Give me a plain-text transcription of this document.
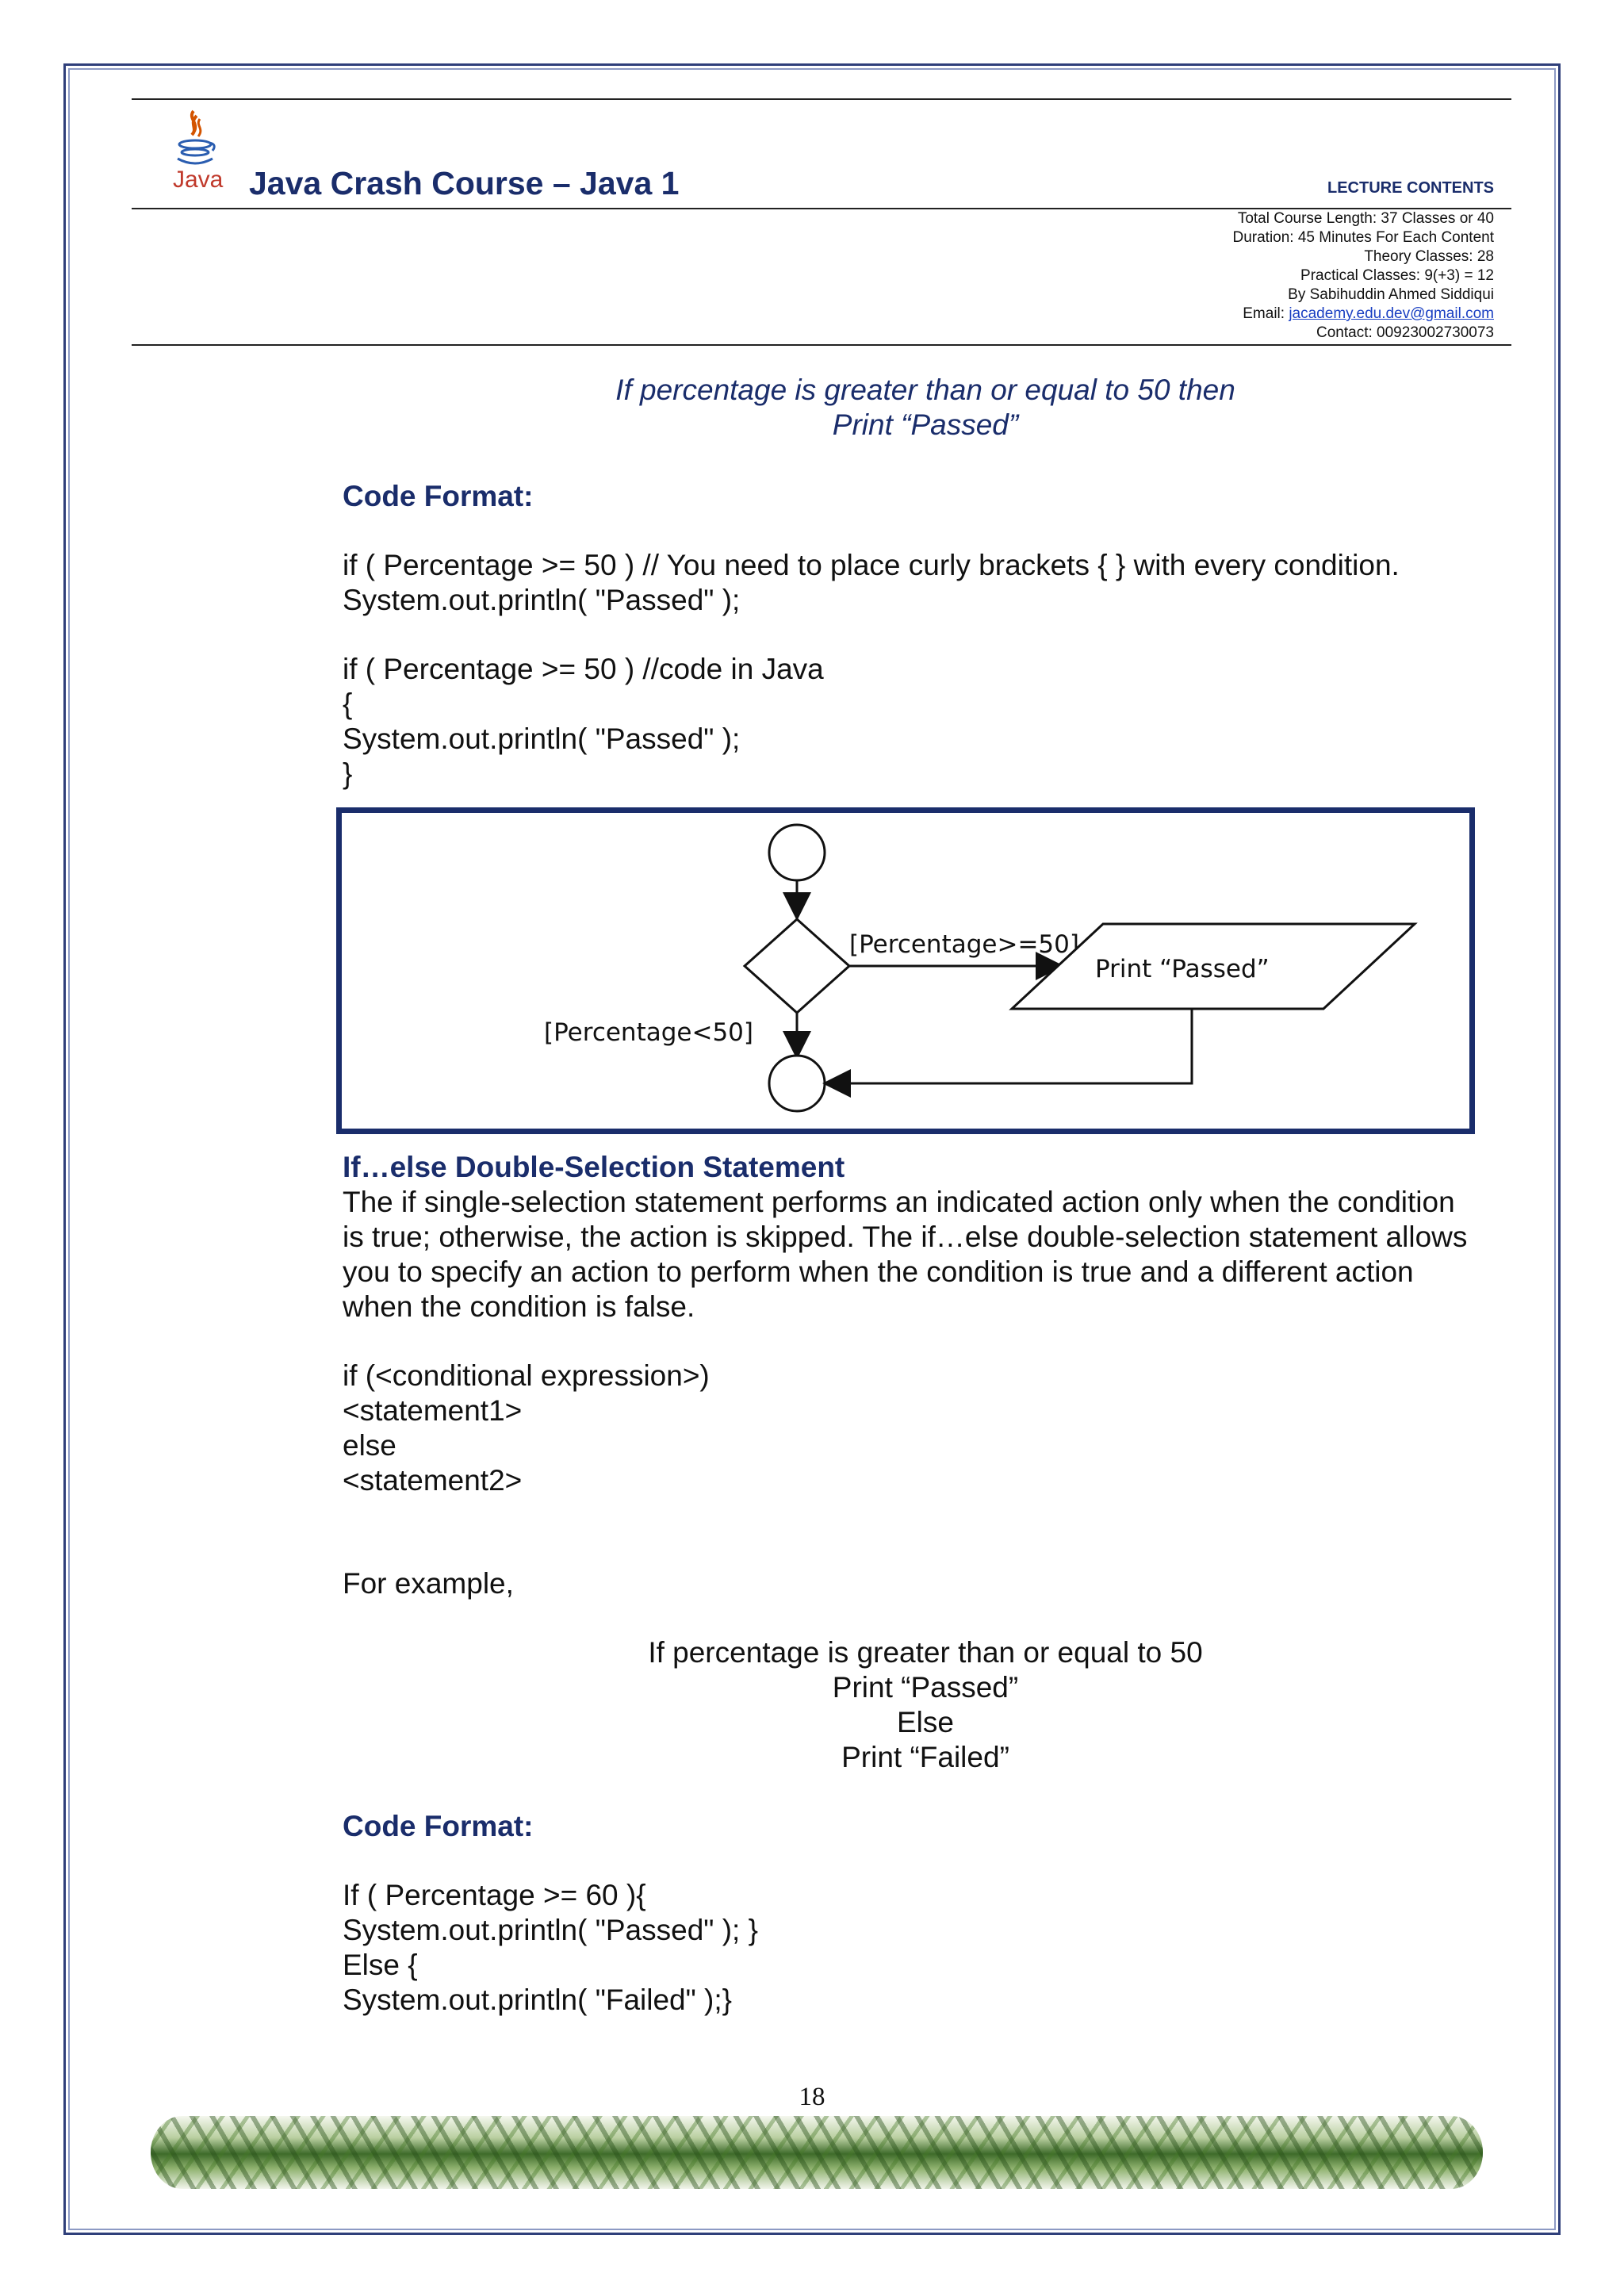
Java Java Crash Course – Java 1	LECTURE CONTENTS
Total Course Length: 37 Classes or 40
Duration: 45 Minutes For Each Content
Theory Classes: 28
Practical Classes: 9(+3) = 12
By Sabihuddin Ahmed Siddiqui
Email: jacademy.edu.dev@gmail.com
Contact: 00923002730073
If percentage is greater than or equal to 50 then
Print “Passed”
Code Format:
if ( Percentage >= 50 ) // You need to place curly brackets { } with every condition.
System.out.println( "Passed" );
if ( Percentage >= 50 ) //code in Java
{
System.out.println( "Passed" );
}
[Percentage>=50]
Print “Passed”
[Percentage<50]
If…else Double-Selection Statement
The if single-selection statement performs an indicated action only when the condition
is true; otherwise, the action is skipped. The if…else double-selection statement allows
you to specify an action to perform when the condition is true and a different action
when the condition is false.
if (<conditional expression>)
<statement1>
else
<statement2>
For example,
If percentage is greater than or equal to 50
Print “Passed”
Else
Print “Failed”
Code Format:
If ( Percentage >= 60 ){
System.out.println( "Passed" ); }
Else {
System.out.println( "Failed" );}
18
